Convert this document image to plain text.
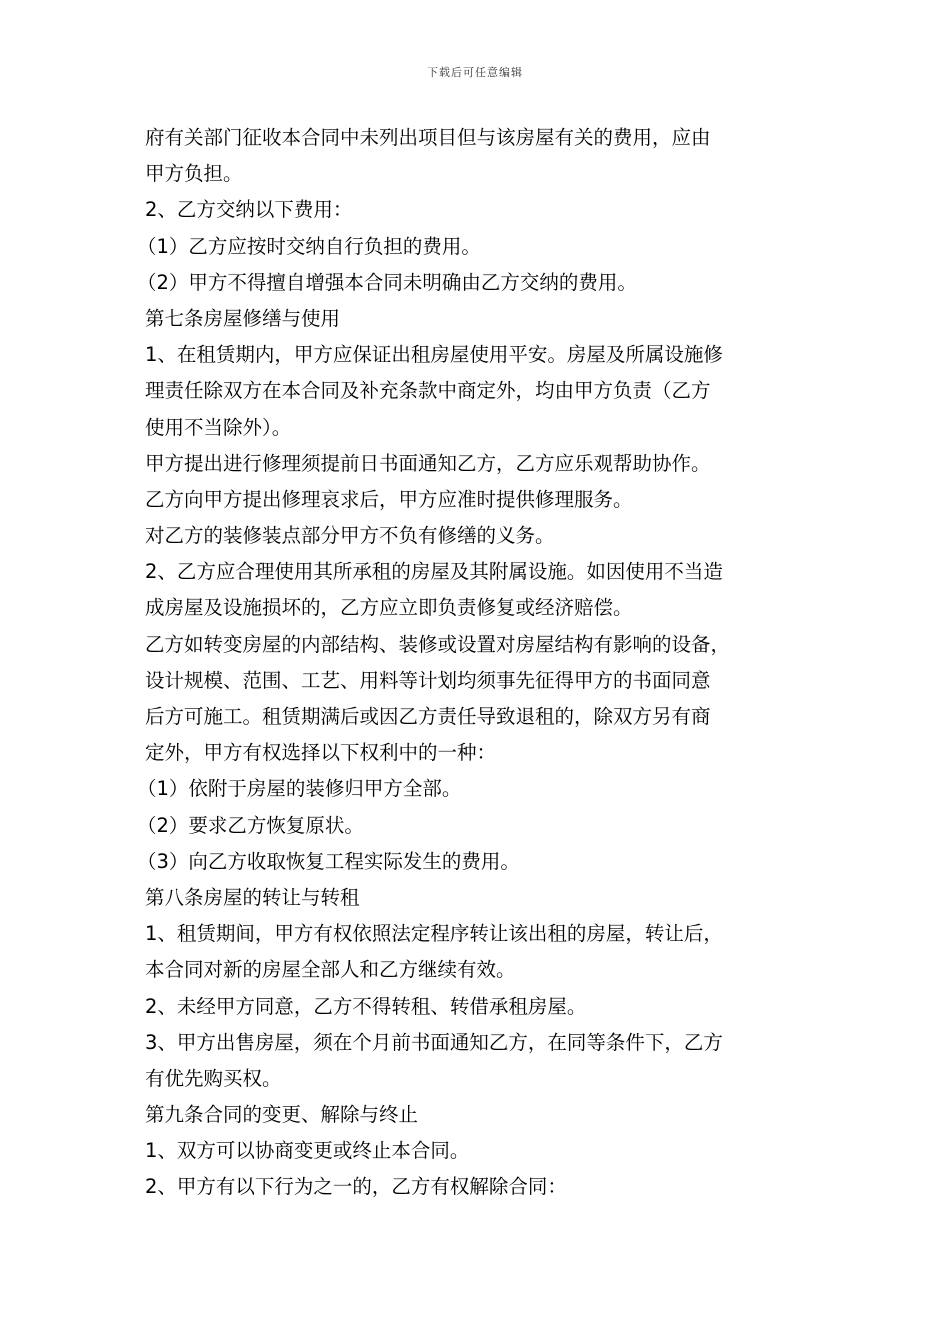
下载后可任意编辑

府有关部门征收本合同中未列出项目但与该房屋有关的费用，应由

甲方负担。

2、乙方交纳以下费用：

（1）乙方应按时交纳自行负担的费用。

（2）甲方不得擅自增强本合同未明确由乙方交纳的费用。

第七条房屋修缮与使用

1、在租赁期内，甲方应保证出租房屋使用平安。房屋及所属设施修

理责任除双方在本合同及补充条款中商定外，均由甲方负责（乙方

使用不当除外）。

甲方提出进行修理须提前日书面通知乙方，乙方应乐观帮助协作。

乙方向甲方提出修理哀求后，甲方应准时提供修理服务。

对乙方的装修装点部分甲方不负有修缮的义务。

2、乙方应合理使用其所承租的房屋及其附属设施。如因使用不当造

成房屋及设施损坏的，乙方应立即负责修复或经济赔偿。

乙方如转变房屋的内部结构、装修或设置对房屋结构有影响的设备，

设计规模、范围、工艺、用料等计划均须事先征得甲方的书面同意

后方可施工。租赁期满后或因乙方责任导致退租的，除双方另有商

定外，甲方有权选择以下权利中的一种：

（1）依附于房屋的装修归甲方全部。

（2）要求乙方恢复原状。

（3）向乙方收取恢复工程实际发生的费用。

第八条房屋的转让与转租

1、租赁期间，甲方有权依照法定程序转让该出租的房屋，转让后，

本合同对新的房屋全部人和乙方继续有效。

2、未经甲方同意，乙方不得转租、转借承租房屋。

3、甲方出售房屋，须在个月前书面通知乙方，在同等条件下，乙方

有优先购买权。

第九条合同的变更、解除与终止

1、双方可以协商变更或终止本合同。

2、甲方有以下行为之一的，乙方有权解除合同：
